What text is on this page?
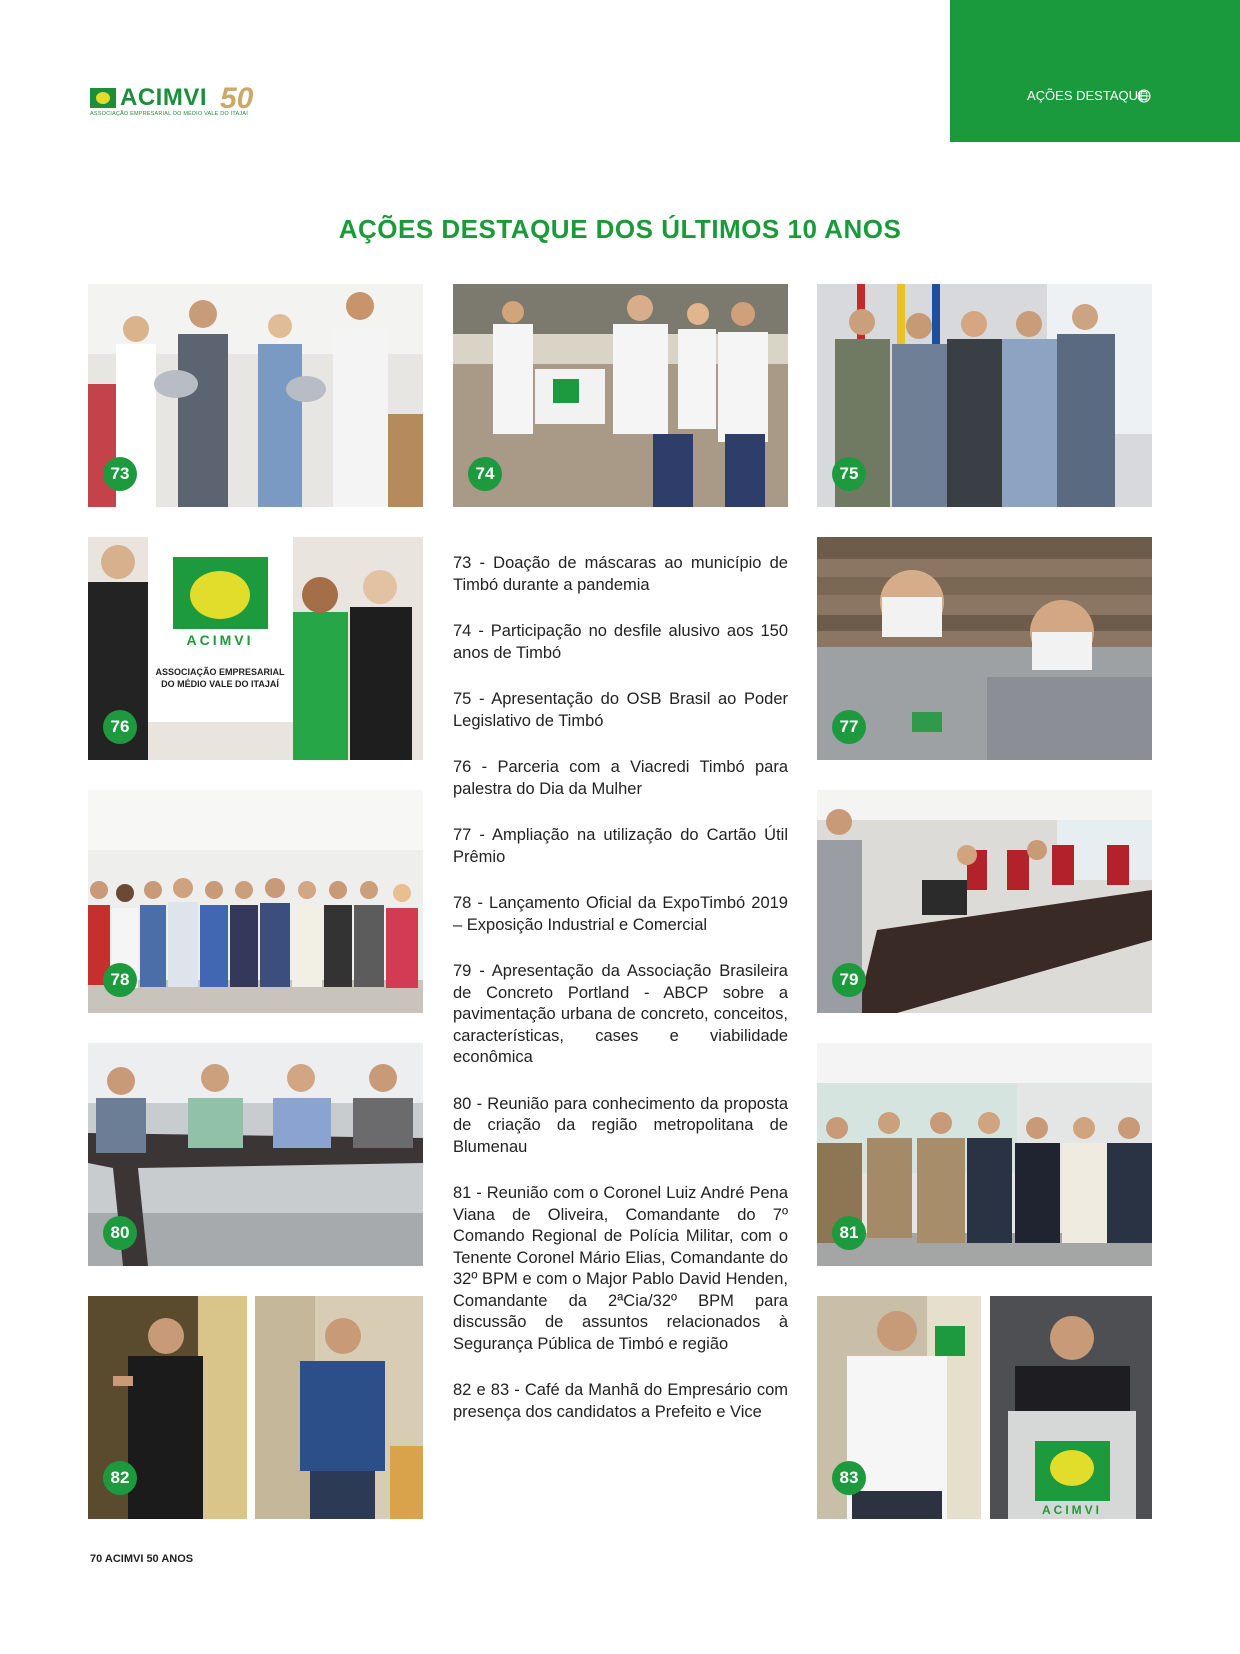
ACIMVI 50
ASSOCIAÇÃO EMPRESARIAL DO MÉDIO VALE DO ITAJAÍ
AÇÕES DESTAQUE
AÇÕES DESTAQUE DOS ÚLTIMOS 10 ANOS
73	74	75
ACIMVI
ASSOCIAÇÃO EMPRESARIAL
DO MÉDIO VALE DO ITAJAÍ
76	77
78	79
80	81
82	83
ACIMVI

73 - Doação de máscaras ao município de Timbó durante a pandemia

74 - Participação no desfile alusivo aos 150 anos de Timbó

75 - Apresentação do OSB Brasil ao Poder Legislativo de Timbó

76 - Parceria com a Viacredi Timbó para palestra do Dia da Mulher

77 - Ampliação na utilização do Cartão Útil Prêmio

78 - Lançamento Oficial da ExpoTimbó 2019 – Exposição Industrial e Comercial

79 - Apresentação da Associação Brasileira de Concreto Portland - ABCP sobre a pavimentação urbana de concreto, conceitos, características, cases e viabilidade econômica

80 - Reunião para conhecimento da proposta de criação da região metropolitana de Blumenau

81 - Reunião com o Coronel Luiz André Pena Viana de Oliveira, Comandante do 7º Comando Regional de Polícia Militar, com o Tenente Coronel Mário Elias, Comandante do 32º BPM e com o Major Pablo David Henden, Comandante da 2ªCia/32º BPM para discussão de assuntos relacionados à Segurança Pública de Timbó e região

82 e 83 - Café da Manhã do Empresário com presença dos candidatos a Prefeito e Vice

70 ACIMVI 50 ANOS
